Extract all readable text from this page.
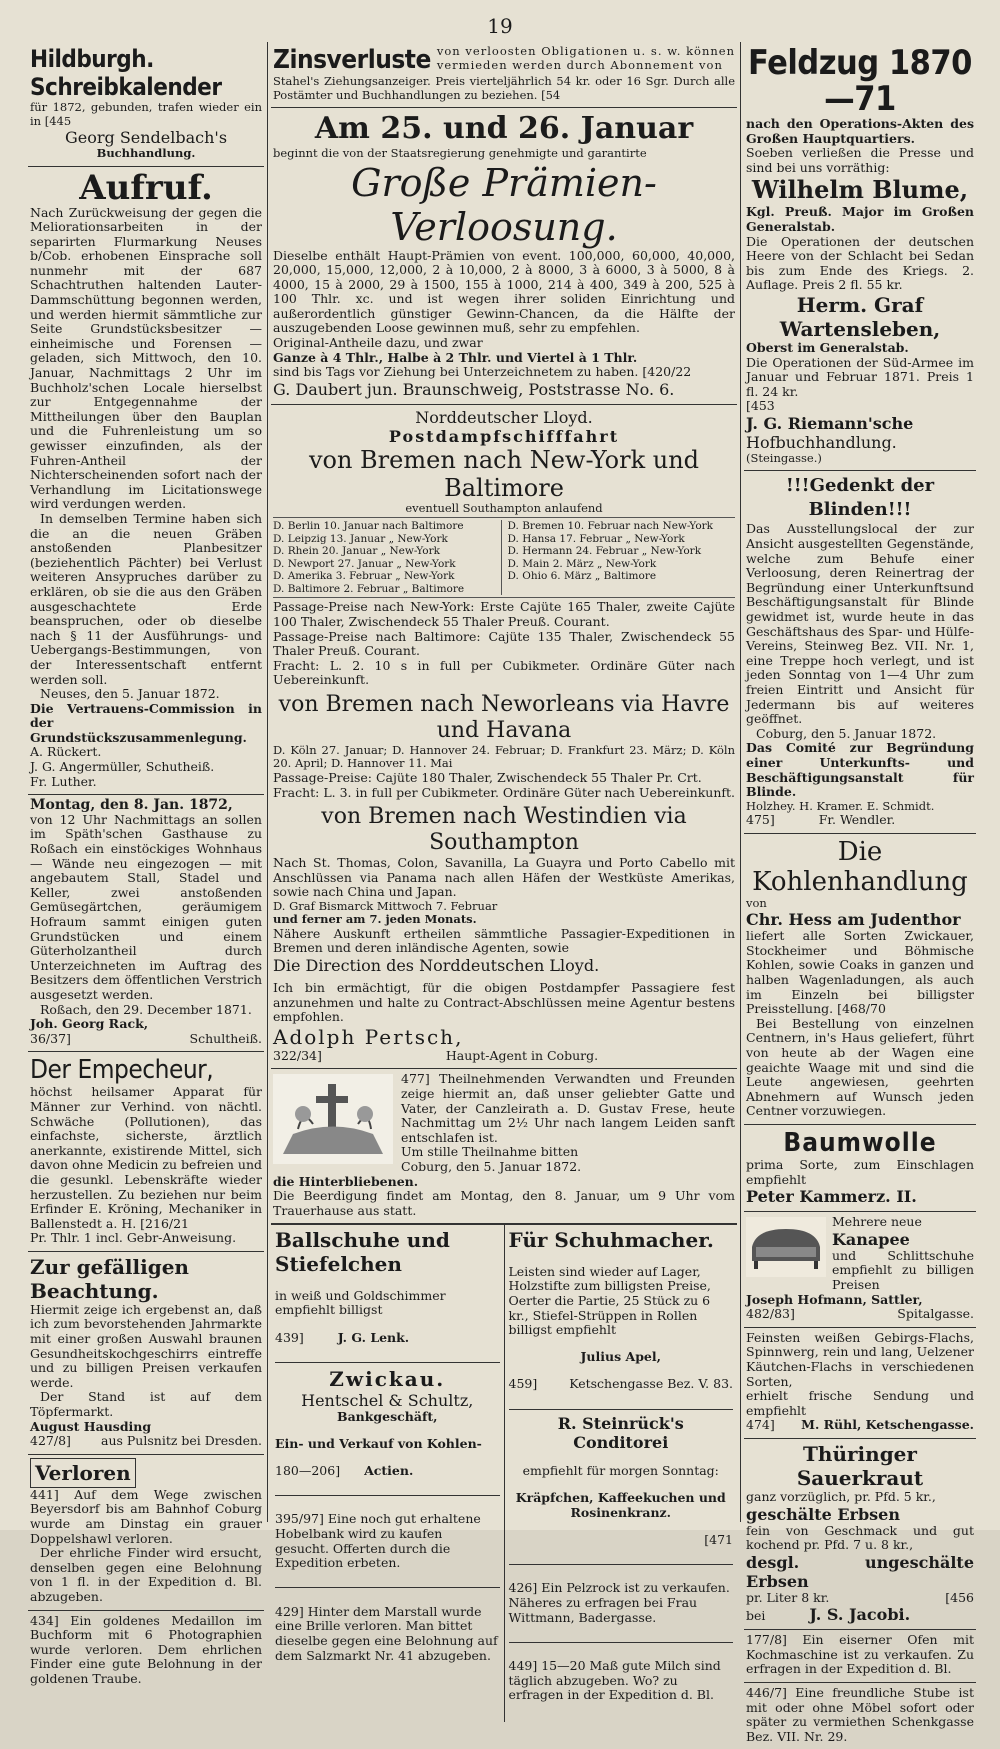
19
Hildburgh. Schreibkalender

für 1872, gebunden, trafen wieder ein in [445

Georg Sendelbach's
Buchhandlung.
Aufruf.

Nach Zurückweisung der gegen die Meliorationsarbeiten in der separirten Flurmarkung Neuses b/Cob. erhobenen Einsprache soll nunmehr mit der 687 Schachtruthen haltenden Lauter-Dammschüttung begonnen werden, und werden hiermit sämmtliche zur Seite Grundstücksbesitzer — einheimische und Forensen — geladen, sich Mittwoch, den 10. Januar, Nachmittags 2 Uhr im Buchholz'schen Locale hierselbst zur Entgegennahme der Mittheilungen über den Bauplan und die Fuhrenleistung um so gewisser einzufinden, als der Fuhren-Antheil der Nichterscheinenden sofort nach der Verhandlung im Licitationswege wird verdungen werden.

In demselben Termine haben sich die an die neuen Gräben anstoßenden Planbesitzer (beziehentlich Pächter) bei Verlust weiteren Ansypruches darüber zu erklären, ob sie die aus den Gräben ausgeschachtete Erde beanspruchen, oder ob dieselbe nach § 11 der Ausführungs- und Uebergangs-Bestimmungen, von der Interessentschaft entfernt werden soll.

Neuses, den 5. Januar 1872.

Die Vertrauens-Commission in der Grundstückszusammenlegung.

A. Rückert.

J. G. Angermüller, Schutheiß.

Fr. Luther.

Montag, den 8. Jan. 1872,

von 12 Uhr Nachmittags an sollen im Späth'schen Gasthause zu Roßach ein einstöckiges Wohnhaus — Wände neu eingezogen — mit angebautem Stall, Stadel und Keller, zwei anstoßenden Gemüsegärtchen, geräumigem Hofraum sammt einigen guten Grundstücken und einem Güterholzantheil durch Unterzeichneten im Auftrag des Besitzers dem öffentlichen Verstrich ausgesetzt werden.

Roßach, den 29. December 1871.

Joh. Georg Rack,

36/37]	Schultheiß.

Der Empecheur,

höchst heilsamer Apparat für Männer zur Verhind. von nächtl. Schwäche (Pollutionen), das einfachste, sicherste, ärztlich anerkannte, existirende Mittel, sich davon ohne Medicin zu befreien und die gesunkl. Lebenskräfte wieder herzustellen. Zu beziehen nur beim Erfinder E. Kröning, Mechaniker in Ballenstedt a. H. [216/21

Pr. Thlr. 1 incl. Gebr-Anweisung.

Zur gefälligen Beachtung.

Hiermit zeige ich ergebenst an, daß ich zum bevorstehenden Jahrmarkte mit einer großen Auswahl braunen Gesundheitskochgeschirrs eintreffe und zu billigen Preisen verkaufen werde.

Der Stand ist auf dem Töpfermarkt.

August Hausding

427/8] aus Pulsnitz bei Dresden.

Verloren

441] Auf dem Wege zwischen Beyersdorf bis am Bahnhof Coburg wurde am Dinstag ein grauer Doppelshawl verloren.

Der ehrliche Finder wird ersucht, denselben gegen eine Belohnung von 1 fl. in der Expedition d. Bl. abzugeben.

434] Ein goldenes Medaillon im Buchform mit 6 Photographien wurde verloren. Dem ehrlichen Finder eine gute Belohnung in der goldenen Traube.

Zinsverluste von verloosten Obligationen u. s. w. können vermieden werden durch Abonnement von

Stahel's Ziehungsanzeiger. Preis vierteljährlich 54 kr. oder 16 Sgr. Durch alle Postämter und Buchhandlungen zu beziehen. [54

Am 25. und 26. Januar

beginnt die von der Staatsregierung genehmigte und garantirte

Große Prämien-Verloosung.

Dieselbe enthält Haupt-Prämien von event. 100,000, 60,000, 40,000, 20,000, 15,000, 12,000, 2 à 10,000, 2 à 8000, 3 à 6000, 3 à 5000, 8 à 4000, 15 à 2000, 29 à 1500, 155 à 1000, 214 à 400, 349 à 200, 525 à 100 Thlr. xc. und ist wegen ihrer soliden Einrichtung und außerordentlich günstiger Gewinn-Chancen, da die Hälfte der auszugebenden Loose gewinnen muß, sehr zu empfehlen.

Original-Antheile dazu, und zwar

Ganze à 4 Thlr., Halbe à 2 Thlr. und Viertel à 1 Thlr.

sind bis Tags vor Ziehung bei Unterzeichnetem zu haben. [420/22

G. Daubert jun. Braunschweig, Poststrasse No. 6.

Norddeutscher Lloyd.
Postdampfschifffahrt
von Bremen nach New-York und Baltimore
eventuell Southampton anlaufend
D. Berlin 10. Januar nach Baltimore
D. Leipzig 13. Januar „ New-York
D. Rhein 20. Januar „ New-York
D. Newport 27. Januar „ New-York
D. Amerika 3. Februar „ New-York
D. Baltimore 2. Februar „ Baltimore
D. Bremen 10. Februar nach New-York
D. Hansa 17. Februar „ New-York
D. Hermann 24. Februar „ New-York
D. Main 2. März „ New-York
D. Ohio 6. März „ Baltimore

Passage-Preise nach New-York: Erste Cajüte 165 Thaler, zweite Cajüte 100 Thaler, Zwischendeck 55 Thaler Preuß. Courant.

Passage-Preise nach Baltimore: Cajüte 135 Thaler, Zwischendeck 55 Thaler Preuß. Courant.

Fracht: L. 2. 10 s in full per Cubikmeter. Ordinäre Güter nach Uebereinkunft.

von Bremen nach Neworleans via Havre und Havana

D. Köln 27. Januar; D. Hannover 24. Februar; D. Frankfurt 23. März; D. Köln 20. April; D. Hannover 11. Mai

Passage-Preise: Cajüte 180 Thaler, Zwischendeck 55 Thaler Pr. Crt.

Fracht: L. 3. in full per Cubikmeter. Ordinäre Güter nach Uebereinkunft.

von Bremen nach Westindien via Southampton

Nach St. Thomas, Colon, Savanilla, La Guayra und Porto Cabello mit Anschlüssen via Panama nach allen Häfen der Westküste Amerikas, sowie nach China und Japan.

D. Graf Bismarck Mittwoch 7. Februar

und ferner am 7. jeden Monats.

Nähere Auskunft ertheilen sämmtliche Passagier-Expeditionen in Bremen und deren inländische Agenten, sowie

Die Direction des Norddeutschen Lloyd.

Ich bin ermächtigt, für die obigen Postdampfer Passagiere fest anzunehmen und halte zu Contract-Abschlüssen meine Agentur bestens empfohlen.

Adolph Pertsch,

322/34]	Haupt-Agent in Coburg.

477] Theilnehmenden Verwandten und Freunden zeige hiermit an, daß unser geliebter Gatte und Vater, der Canzleirath a. D. Gustav Frese, heute Nachmittag um 2½ Uhr nach langem Leiden sanft entschlafen ist.

Um stille Theilnahme bitten

Coburg, den 5. Januar 1872.

die Hinterbliebenen.

Die Beerdigung findet am Montag, den 8. Januar, um 9 Uhr vom Trauerhause aus statt.

Ballschuhe und Stiefelchen

in weiß und Goldschimmer empfiehlt billigst

439]	J. G. Lenk.

Zwickau.
Hentschel & Schultz,
Bankgeschäft,

Ein- und Verkauf von Kohlen-

180—206] Actien.

395/97] Eine noch gut erhaltene Hobelbank wird zu kaufen gesucht. Offerten durch die Expedition erbeten.

429] Hinter dem Marstall wurde eine Brille verloren. Man bittet dieselbe gegen eine Belohnung auf dem Salzmarkt Nr. 41 abzugeben.

Für Schuhmacher.

Leisten sind wieder auf Lager, Holzstifte zum billigsten Preise, Oerter die Partie, 25 Stück zu 6 kr., Stiefel-Strüppen in Rollen billigst empfiehlt

Julius Apel,

459]	Ketschengasse Bez. V. 83.

R. Steinrück's Conditorei

empfiehlt für morgen Sonntag:

Kräpfchen, Kaffeekuchen und Rosinenkranz.

[471

426] Ein Pelzrock ist zu verkaufen. Näheres zu erfragen bei Frau Wittmann, Badergasse.

449] 15—20 Maß gute Milch sind täglich abzugeben. Wo? zu erfragen in der Expedition d. Bl.

Feldzug 1870—71

nach den Operations-Akten des Großen Hauptquartiers.

Soeben verließen die Presse und sind bei uns vorräthig:

Wilhelm Blume,

Kgl. Preuß. Major im Großen Generalstab.

Die Operationen der deutschen Heere von der Schlacht bei Sedan bis zum Ende des Kriegs. 2. Auflage. Preis 2 fl. 55 kr.

Herm. Graf Wartensleben,

Oberst im Generalstab.

Die Operationen der Süd-Armee im Januar und Februar 1871. Preis 1 fl. 24 kr.

[453

J. G. Riemann'sche

Hofbuchhandlung.

(Steingasse.)

!!!Gedenkt der Blinden!!!

Das Ausstellungslocal der zur Ansicht ausgestellten Gegenstände, welche zum Behufe einer Verloosung, deren Reinertrag der Begründung einer Unterkunftsund Beschäftigungsanstalt für Blinde gewidmet ist, wurde heute in das Geschäftshaus des Spar- und Hülfe-Vereins, Steinweg Bez. VII. Nr. 1, eine Treppe hoch verlegt, und ist jeden Sonntag von 1—4 Uhr zum freien Eintritt und Ansicht für Jedermann bis auf weiteres geöffnet.

Coburg, den 5. Januar 1872.

Das Comité zur Begründung einer Unterkunfts- und Beschäftigungsanstalt für Blinde.

Holzhey. H. Kramer. E. Schmidt.

475]	Fr. Wendler.

Die Kohlenhandlung

von

Chr. Hess am Judenthor

liefert alle Sorten Zwickauer, Stockheimer und Böhmische Kohlen, sowie Coaks in ganzen und halben Wagenladungen, als auch im Einzeln bei billigster Preisstellung. [468/70

Bei Bestellung von einzelnen Centnern, in's Haus geliefert, führt von heute ab der Wagen eine geaichte Waage mit und sind die Leute angewiesen, geehrten Abnehmern auf Wunsch jeden Centner vorzuwiegen.

Baumwolle

prima Sorte, zum Einschlagen empfiehlt

Peter Kammerz. II.

Mehrere neue

Kanapee

und Schlittschuhe empfiehlt zu billigen Preisen

Joseph Hofmann, Sattler,

482/83]	Spitalgasse.

Feinsten weißen Gebirgs-Flachs, Spinnwerg, rein und lang, Uelzener Käutchen-Flachs in verschiedenen Sorten,

erhielt frische Sendung und empfiehlt

474] M. Rühl, Ketschengasse.

Thüringer Sauerkraut

ganz vorzüglich, pr. Pfd. 5 kr.,

geschälte Erbsen

fein von Geschmack und gut kochend pr. Pfd. 7 u. 8 kr.,

desgl. ungeschälte Erbsen

pr. Liter 8 kr.	[456

bei	J. S. Jacobi.

177/8] Ein eiserner Ofen mit Kochmaschine ist zu verkaufen. Zu erfragen in der Expedition d. Bl.

446/7] Eine freundliche Stube ist mit oder ohne Möbel sofort oder später zu vermiethen Schenkgasse Bez. VII. Nr. 29.
